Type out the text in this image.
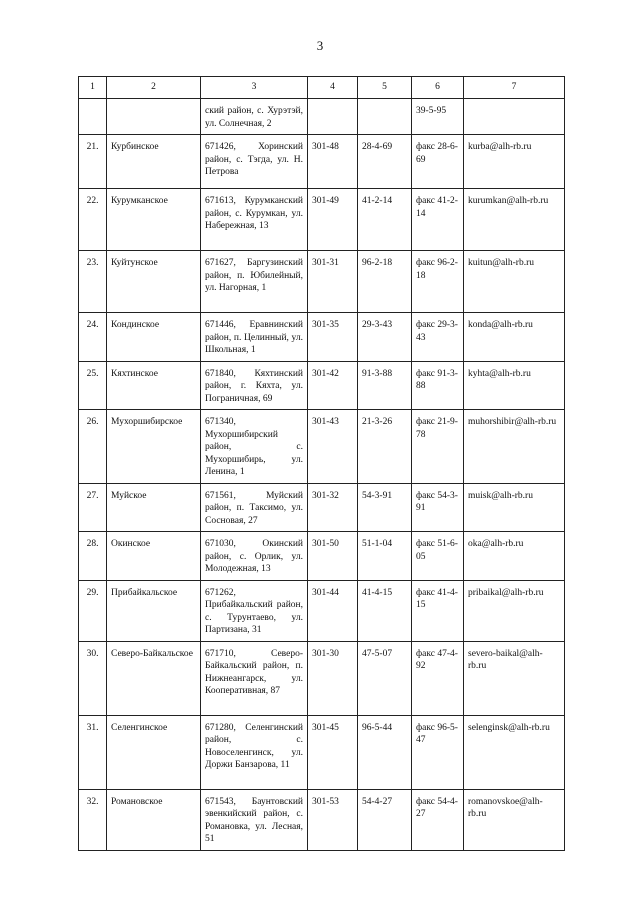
3
1	2	3	4	5	6	7
		ский район, с. Хурэтэй, ул. Солнечная, 2			39-5-95	
21.	Курбинское	671426, Хоринский район, с. Тэгда, ул. Н. Петрова	301-48	28-4-69	факс 28-6-69	kurba@alh-rb.ru
22.	Курумканское	671613, Курумканский район, с. Курумкан, ул. Набережная, 13	301-49	41-2-14	факс 41-2-14	kurumkan@alh-rb.ru
23.	Куйтунское	671627, Баргузинский район, п. Юбилейный, ул. Нагорная, 1	301-31	96-2-18	факс 96-2-18	kuitun@alh-rb.ru
24.	Кондинское	671446, Еравнинский район, п. Целинный, ул. Школьная, 1	301-35	29-3-43	факс 29-3-43	konda@alh-rb.ru
25.	Кяхтинское	671840, Кяхтинский район, г. Кяхта, ул. Пограничная, 69	301-42	91-3-88	факс 91-3-88	kyhta@alh-rb.ru
26.	Мухоршибирское	671340, Мухоршибирский район, с. Мухоршибирь, ул. Ленина, 1	301-43	21-3-26	факс 21-9-78	muhorshibir@alh-rb.ru
27.	Муйское	671561, Муйский район, п. Таксимо, ул. Сосновая, 27	301-32	54-3-91	факс 54-3-91	muisk@alh-rb.ru
28.	Окинское	671030, Окинский район, с. Орлик, ул. Молодежная, 13	301-50	51-1-04	факс 51-6-05	oka@alh-rb.ru
29.	Прибайкальское	671262, Прибайкальский район, с. Турунтаево, ул. Партизана, 31	301-44	41-4-15	факс 41-4-15	pribaikal@alh-rb.ru
30.	Северо-Байкальское	671710, Северо-Байкальский район, п. Нижнеангарск, ул. Кооперативная, 87	301-30	47-5-07	факс 47-4-92	severo-baikal@alh-rb.ru
31.	Селенгинское	671280, Селенгинский район, с. Новоселенгинск, ул. Доржи Банзарова, 11	301-45	96-5-44	факс 96-5-47	selenginsk@alh-rb.ru
32.	Романовское	671543, Баунтовский эвенкийский район, с. Романовка, ул. Лесная, 51	301-53	54-4-27	факс 54-4-27	romanovskoe@alh-rb.ru
